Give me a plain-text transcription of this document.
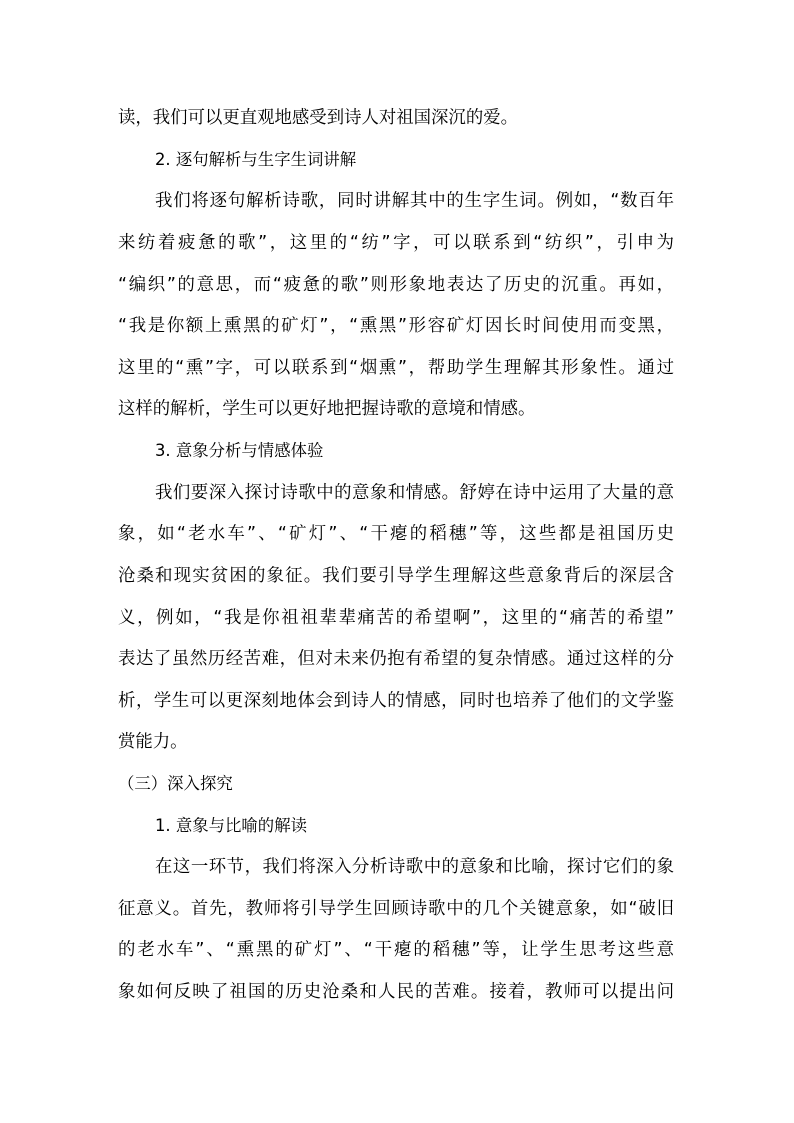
读，我们可以更直观地感受到诗人对祖国深沉的爱。
2. 逐句解析与生字生词讲解
我们将逐句解析诗歌，同时讲解其中的生字生词。例如，“数百年
来纺着疲惫的歌”，这里的“纺”字，可以联系到“纺织”，引申为
“编织”的意思，而“疲惫的歌”则形象地表达了历史的沉重。再如，
“我是你额上熏黑的矿灯”，“熏黑”形容矿灯因长时间使用而变黑，
这里的“熏”字，可以联系到“烟熏”，帮助学生理解其形象性。通过
这样的解析，学生可以更好地把握诗歌的意境和情感。
3. 意象分析与情感体验
我们要深入探讨诗歌中的意象和情感。舒婷在诗中运用了大量的意
象，如“老水车”、“矿灯”、“干瘪的稻穗”等，这些都是祖国历史
沧桑和现实贫困的象征。我们要引导学生理解这些意象背后的深层含
义，例如，“我是你祖祖辈辈痛苦的希望啊”，这里的“痛苦的希望”
表达了虽然历经苦难，但对未来仍抱有希望的复杂情感。通过这样的分
析，学生可以更深刻地体会到诗人的情感，同时也培养了他们的文学鉴
赏能力。
（三）深入探究
1. 意象与比喻的解读
在这一环节，我们将深入分析诗歌中的意象和比喻，探讨它们的象
征意义。首先，教师将引导学生回顾诗歌中的几个关键意象，如“破旧
的老水车”、“熏黑的矿灯”、“干瘪的稻穗”等，让学生思考这些意
象如何反映了祖国的历史沧桑和人民的苦难。接着，教师可以提出问
